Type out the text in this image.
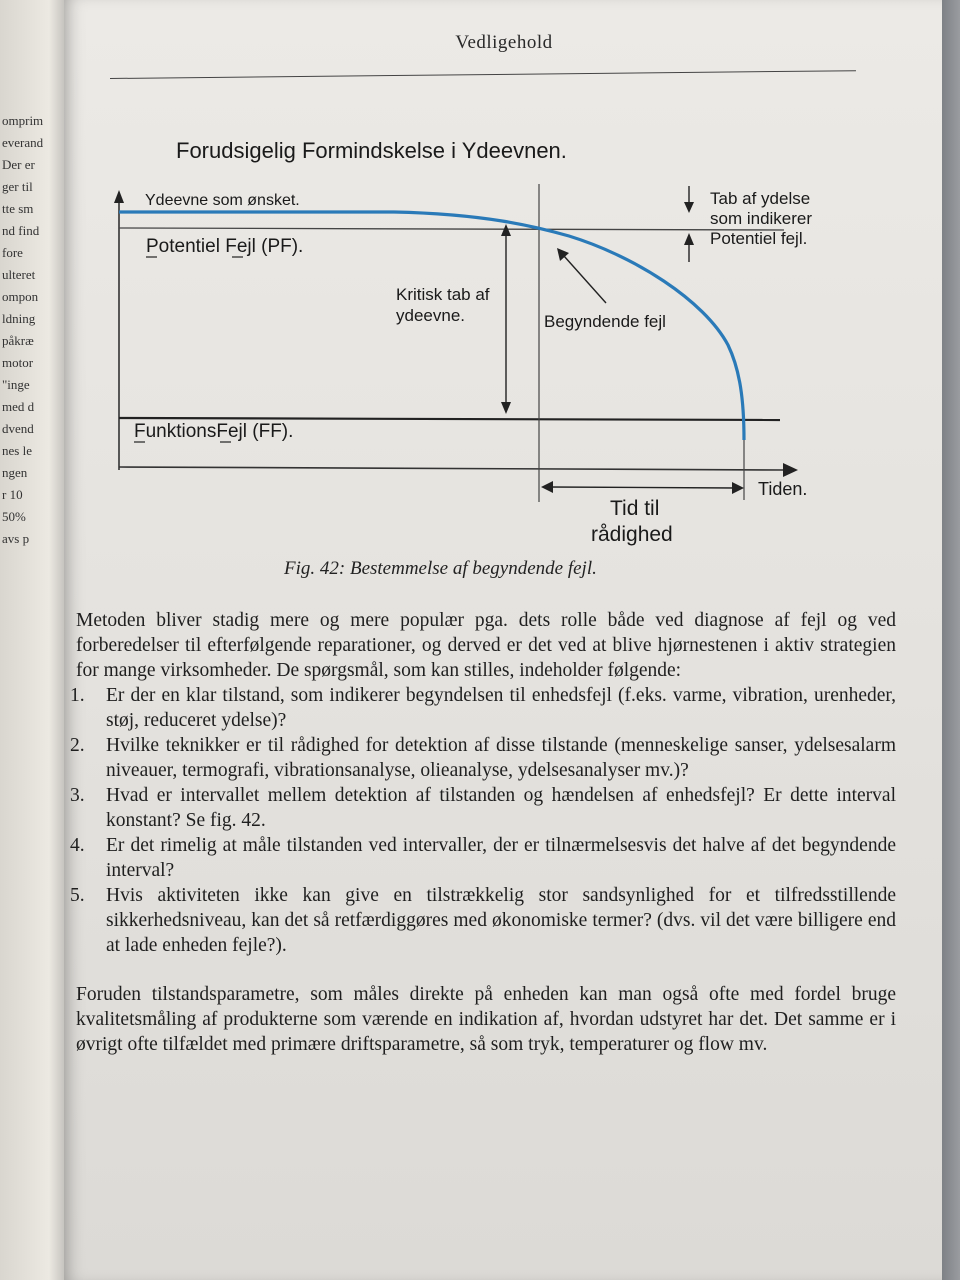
omprim
everand
Der er
ger til
tte sm
nd find
fore
ulteret
ompon
ldning
påkræ
motor
"inge
med d
dvend
nes le
ngen
r 10
50%
avs p
Vedligehold
Forudsigelig Formindskelse i Ydeevnen.
Ydeevne som ønsket.
Potentiel Fejl (PF).
FunktionsFejl (FF).
Kritisk tab af
ydeevne.	Begyndende fejl
Tab af ydelse
som indikerer
Potentiel fejl.
Tiden.
Tid til
rådighed
Fig. 42: Bestemmelse af begyndende fejl.

Metoden bliver stadig mere og mere populær pga. dets rolle både ved diagnose af fejl og ved forberedelser til efterfølgende reparationer, og derved er det ved at blive hjørnestenen i aktiv strategien for mange virksomheder. De spørgsmål, som kan stilles, indeholder følgende:

1. Er der en klar tilstand, som indikerer begyndelsen til enhedsfejl (f.eks. varme, vibration, urenheder, støj, reduceret ydelse)?
2. Hvilke teknikker er til rådighed for detektion af disse tilstande (menneskelige sanser, ydelsesalarm niveauer, termografi, vibrationsanalyse, olieanalyse, ydelsesanalyser mv.)?
3. Hvad er intervallet mellem detektion af tilstanden og hændelsen af enhedsfejl? Er dette interval konstant? Se fig. 42.
4. Er det rimelig at måle tilstanden ved intervaller, der er tilnærmelsesvis det halve af det begyndende interval?
5. Hvis aktiviteten ikke kan give en tilstrækkelig stor sandsynlighed for et tilfredsstillende sikkerhedsniveau, kan det så retfærdiggøres med økonomiske termer? (dvs. vil det være billigere end at lade enheden fejle?).

Foruden tilstandsparametre, som måles direkte på enheden kan man også ofte med fordel bruge kvalitetsmåling af produkterne som værende en indikation af, hvordan udstyret har det. Det samme er i øvrigt ofte tilfældet med primære driftsparametre, så som tryk, temperaturer og flow mv.
